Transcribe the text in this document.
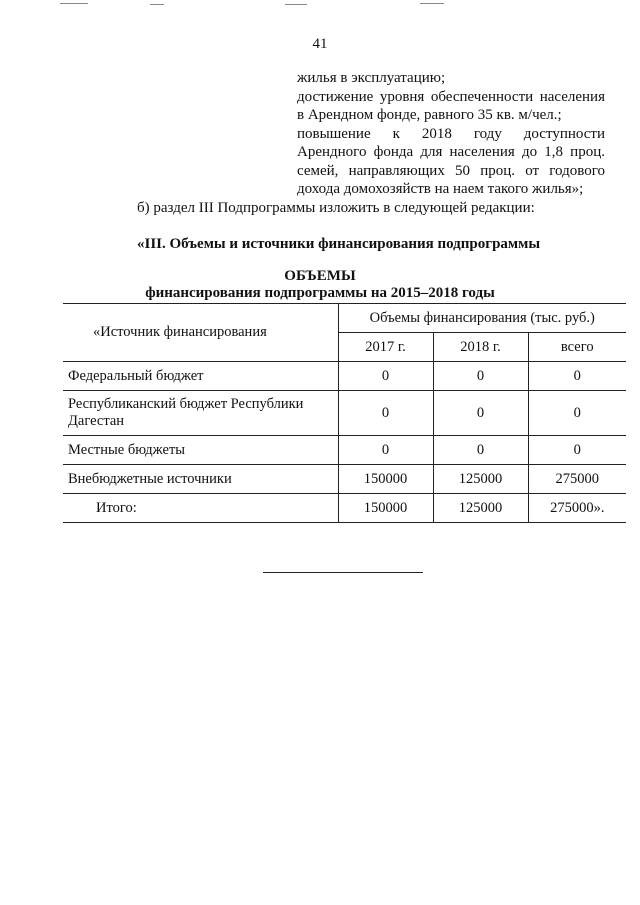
41

жилья в эксплуатацию;

достижение уровня обеспеченности населения в Арендном фонде, равного 35 кв. м/чел.;

повышение к 2018 году доступности Арендного фонда для населения до 1,8 проц. семей, направляющих 50 проц. от годового дохода домохозяйств на наем такого жилья»;

б) раздел III Подпрограммы изложить в следующей редакции:
«III. Объемы и источники финансирования подпрограммы
ОБЪЕМЫ
финансирования подпрограммы на 2015–2018 годы
«Источник финансирования	Объемы финансирования (тыс. руб.)		
	2017 г.	2018 г.	всего
Федеральный бюджет	0	0	0
Республиканский бюджет Республики Дагестан	0	0	0
Местные бюджеты	0	0	0
Внебюджетные источники	150000	125000	275000
Итого:	150000	125000	275000».
